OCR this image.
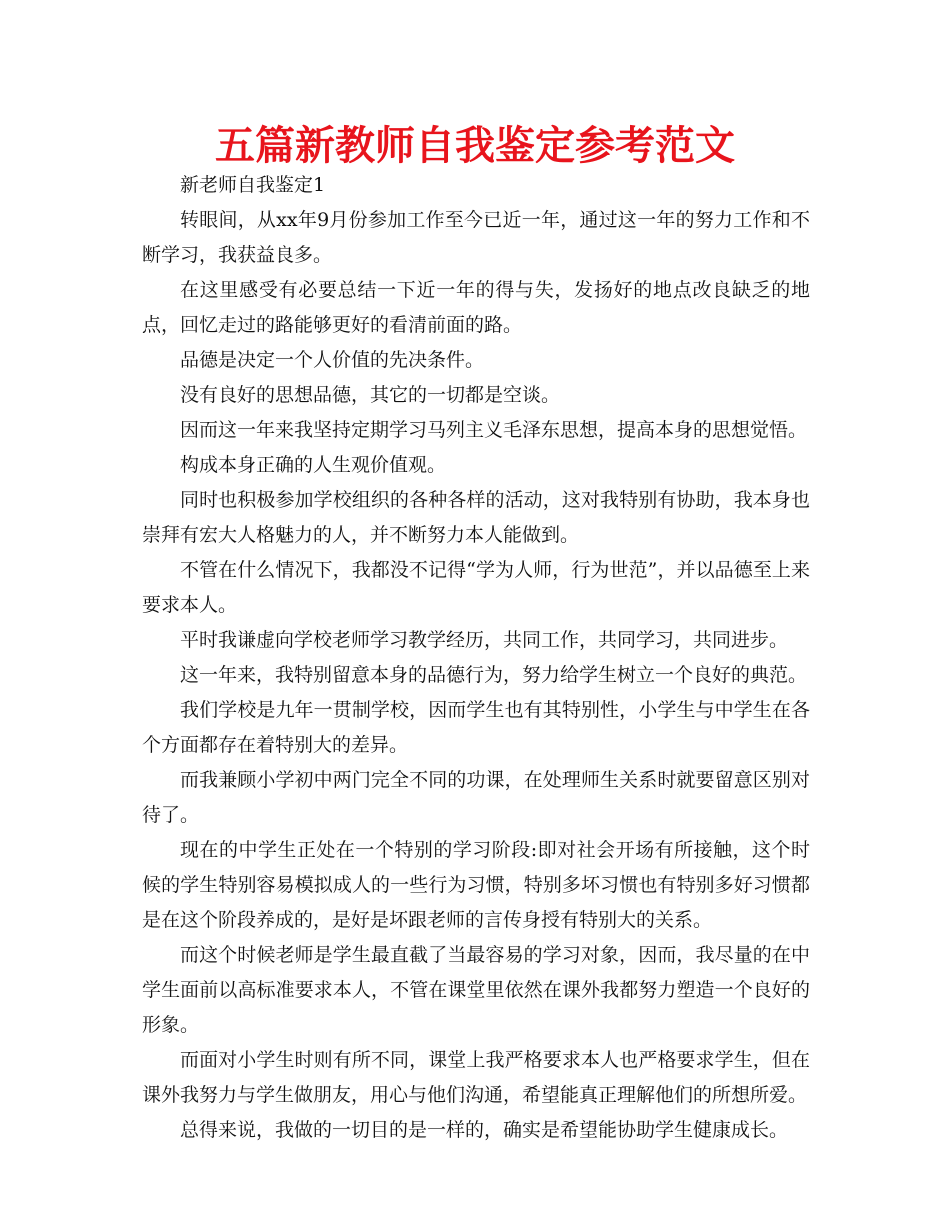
五篇新教师自我鉴定参考范文

新老师自我鉴定1

转眼间，从xx年9月份参加工作至今已近一年，通过这一年的努力工作和不断学习，我获益良多。

在这里感受有必要总结一下近一年的得与失，发扬好的地点改良缺乏的地点，回忆走过的路能够更好的看清前面的路。

品德是决定一个人价值的先决条件。

没有良好的思想品德，其它的一切都是空谈。

因而这一年来我坚持定期学习马列主义毛泽东思想，提高本身的思想觉悟。

构成本身正确的人生观价值观。

同时也积极参加学校组织的各种各样的活动，这对我特别有协助，我本身也崇拜有宏大人格魅力的人，并不断努力本人能做到。

不管在什么情况下，我都没不记得“学为人师，行为世范”，并以品德至上来要求本人。

平时我谦虚向学校老师学习教学经历，共同工作，共同学习，共同进步。

这一年来，我特别留意本身的品德行为，努力给学生树立一个良好的典范。

我们学校是九年一贯制学校，因而学生也有其特别性，小学生与中学生在各个方面都存在着特别大的差异。

而我兼顾小学初中两门完全不同的功课，在处理师生关系时就要留意区别对待了。

现在的中学生正处在一个特别的学习阶段:即对社会开场有所接触，这个时候的学生特别容易模拟成人的一些行为习惯，特别多坏习惯也有特别多好习惯都是在这个阶段养成的，是好是坏跟老师的言传身授有特别大的关系。

而这个时候老师是学生最直截了当最容易的学习对象，因而，我尽量的在中学生面前以高标准要求本人，不管在课堂里依然在课外我都努力塑造一个良好的形象。

而面对小学生时则有所不同，课堂上我严格要求本人也严格要求学生，但在课外我努力与学生做朋友，用心与他们沟通，希望能真正理解他们的所想所爱。

总得来说，我做的一切目的是一样的，确实是希望能协助学生健康成长。
